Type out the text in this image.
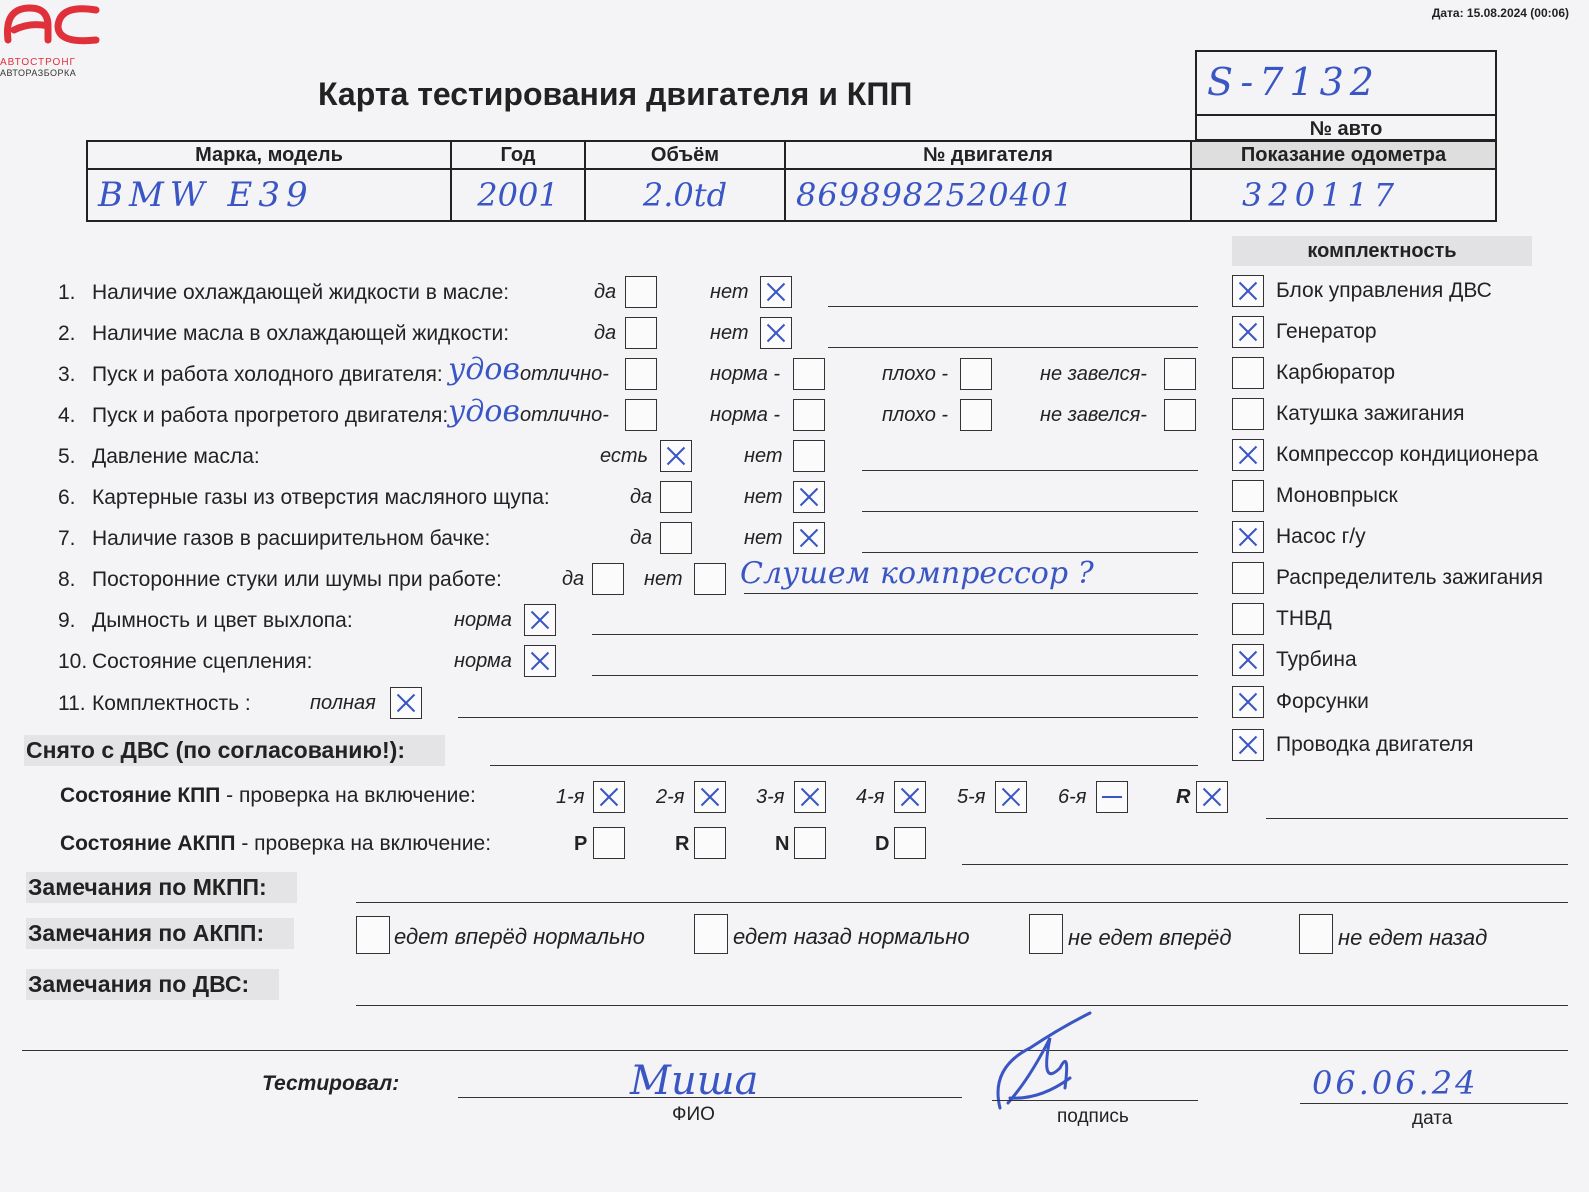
АВТОСТРОНГ
АВТОРАЗБОРКА
Дата: 15.08.2024 (00:06)
Карта тестирования двигателя и КПП	S-7132
№ авто
Марка, модель	Год	Объём	№ двигателя	Показание одометра
BMW E39	2001	2.0td	8698982520401	320117
комплектность
Блок управления ДВС
Генератор
Карбюратор
Катушка зажигания
Компрессор кондиционера
Моновпрыск
Насос г/у
Распределитель зажигания
ТНВД
Турбина
Форсунки
Проводка двигателя
1. Наличие охлаждающей жидкости в масле:	да	нет
2. Наличие масла в охлаждающей жидкости:	да	нет
3. Пуск и работа холодного двигателя: удов отлично-	норма -	плохо -	не завелся-
4. Пуск и работа прогретого двигателя: удов отлично-	норма -	плохо -	не завелся-
5. Давление масла:	есть	нет
6. Картерные газы из отверстия масляного щупа:	да	нет
7. Наличие газов в расширительном бачке:	да	нет
8. Посторонние стуки или шумы при работе:	да	нет Слушем компрессор ?
9. Дымность и цвет выхлопа:	норма
10. Состояние сцепления:	норма
11. Комплектность :	полная
Снято с ДВС (по согласованию!):
Состояние КПП - проверка на включение:	1-я	2-я	3-я	4-я	5-я	6-я	R
Состояние АКПП - проверка на включение:	P	R	N	D
Замечания по МКПП:
Замечания по АКПП:	едет вперёд нормально	едет назад нормально	не едет вперёд	не едет назад
Замечания по ДВС:
Тестировал:	Миша
ФИО	подпись
06.06.24
дата
